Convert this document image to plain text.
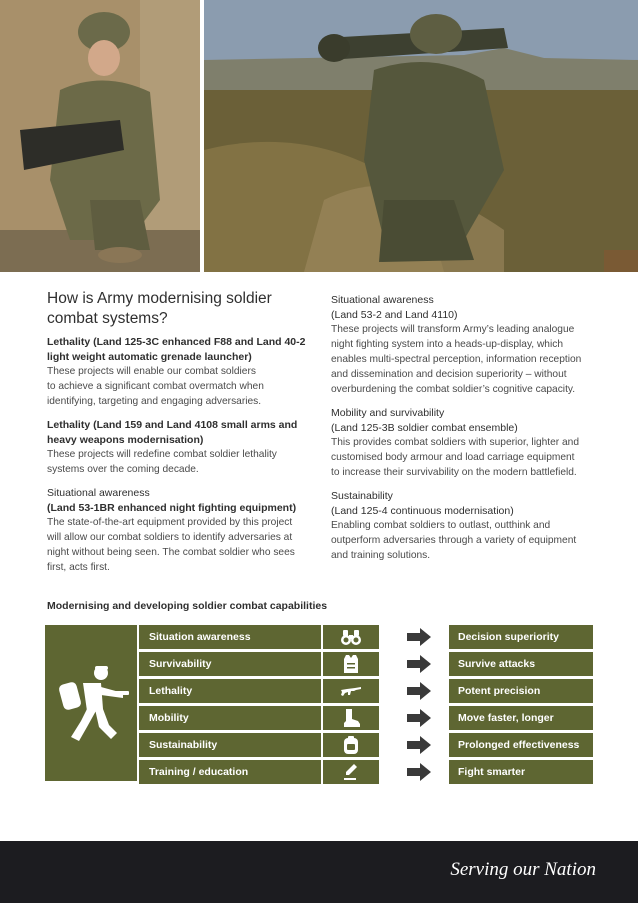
How is Army modernising soldier
combat systems?
Lethality (Land 125-3C enhanced F88 and Land 40-2
light weight automatic grenade launcher)
These projects will enable our combat soldiers
to achieve a significant combat overmatch when
identifying, targeting and engaging adversaries.
Lethality (Land 159 and Land 4108 small arms and
heavy weapons modernisation)
These projects will redefine combat soldier lethality
systems over the coming decade.
Situational awareness
(Land 53-1BR enhanced night fighting equipment)
The state-of-the-art equipment provided by this project
will allow our combat soldiers to identify adversaries at
night without being seen. The combat soldier who sees
first, acts first.
Situational awareness
(Land 53-2 and Land 4110)
These projects will transform Army’s leading analogue
night fighting system into a heads-up-display, which
enables multi-spectral perception, information reception
and dissemination and decision superiority – without
overburdening the combat soldier’s cognitive capacity.
Mobility and survivability
(Land 125-3B soldier combat ensemble)
This provides combat soldiers with superior, lighter and
customised body armour and load carriage equipment
to increase their survivability on the modern battlefield.
Sustainability
(Land 125-4 continuous modernisation)
Enabling combat soldiers to outlast, outthink and
outperform adversaries through a variety of equipment
and training solutions.
Modernising and developing soldier combat capabilities
Situation awareness	Decision superiority
Survivability	Survive attacks
Lethality	Potent precision
Mobility	Move faster, longer
Sustainability	Prolonged effectiveness
Training / education	Fight smarter
Serving our Nation
